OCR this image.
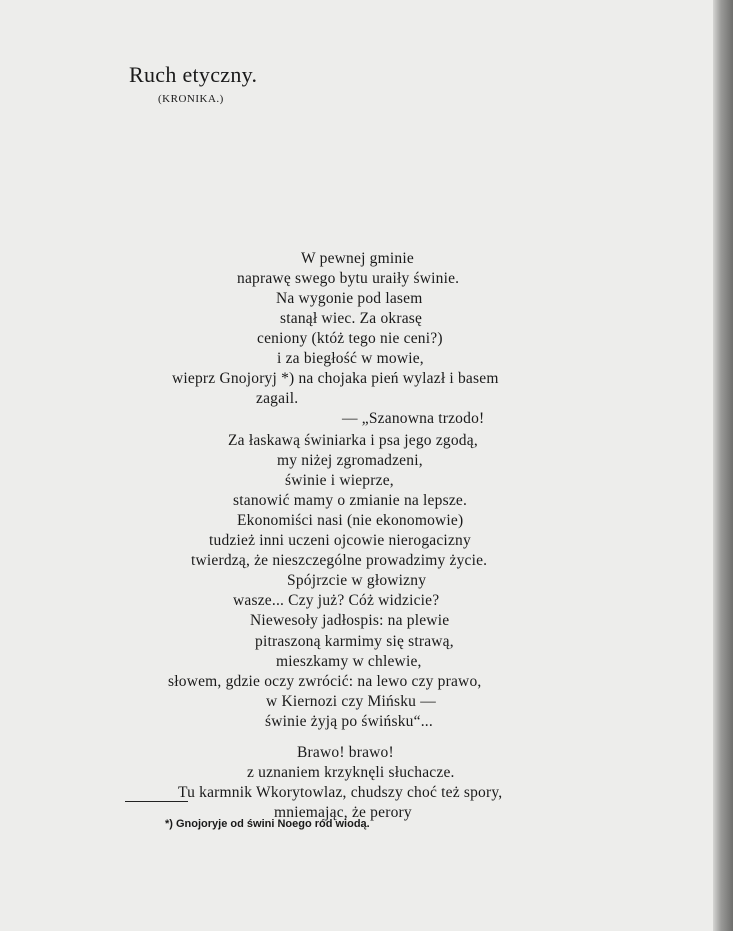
Ruch etyczny.
(KRONIKA.)
W pewnej gminie
naprawę swego bytu uraiły świnie.
Na wygonie pod lasem
stanął wiec. Za okrasę
ceniony (któż tego nie ceni?)
i za biegłość w mowie,
wieprz Gnojoryj *) na chojaka pień wylazł i basem
zagail.
— „Szanowna trzodo!
Za łaskawą świniarka i psa jego zgodą,
my niżej zgromadzeni,
świnie i wieprze,
stanowić mamy o zmianie na lepsze.
Ekonomiści nasi (nie ekonomowie)
tudzież inni uczeni ojcowie nierogacizny
twierdzą, że nieszczególne prowadzimy życie.
Spójrzcie w głowizny
wasze... Czy już? Cóż widzicie?
Niewesoły jadłospis: na plewie
pitraszoną karmimy się strawą,
mieszkamy w chlewie,
słowem, gdzie oczy zwrócić: na lewo czy prawo,
w Kiernozi czy Mińsku —
świnie żyją po świńsku“...
Brawo! brawo!
z uznaniem krzyknęli słuchacze.
Tu karmnik Wkorytowlaz, chudszy choć też spory,
mniemając, że perory
*) Gnojoryje od świni Noego ród wiodą.
